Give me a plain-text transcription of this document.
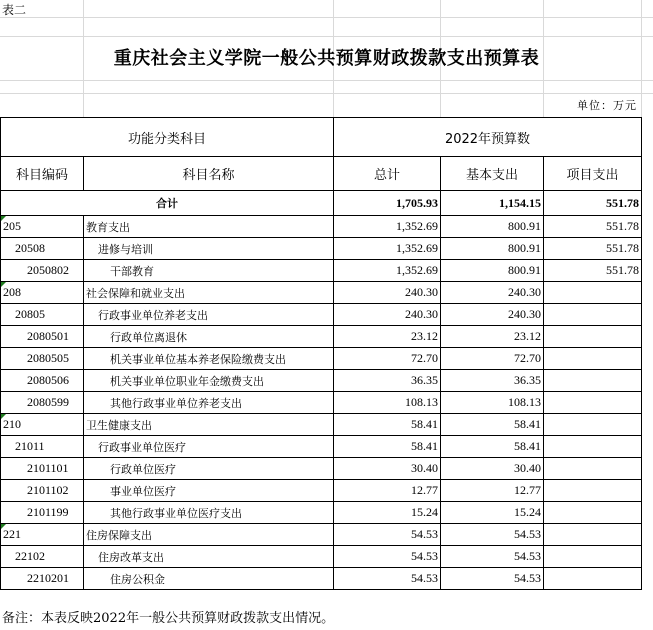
表二
重庆社会主义学院一般公共预算财政拨款支出预算表
单位：万元
功能分类科目		2022年预算数		
科目编码	科目名称	总计	基本支出	项目支出
合计		1,705.93	1,154.15	551.78
205	教育支出	1,352.69	800.91	551.78
20508	进修与培训	1,352.69	800.91	551.78
2050802	干部教育	1,352.69	800.91	551.78
208	社会保障和就业支出	240.30	240.30	
20805	行政事业单位养老支出	240.30	240.30	
2080501	行政单位离退休	23.12	23.12	
2080505	机关事业单位基本养老保险缴费支出	72.70	72.70	
2080506	机关事业单位职业年金缴费支出	36.35	36.35	
2080599	其他行政事业单位养老支出	108.13	108.13	
210	卫生健康支出	58.41	58.41	
21011	行政事业单位医疗	58.41	58.41	
2101101	行政单位医疗	30.40	30.40	
2101102	事业单位医疗	12.77	12.77	
2101199	其他行政事业单位医疗支出	15.24	15.24	
221	住房保障支出	54.53	54.53	
22102	住房改革支出	54.53	54.53	
2210201	住房公积金	54.53	54.53	
备注：本表反映2022年一般公共预算财政拨款支出情况。
